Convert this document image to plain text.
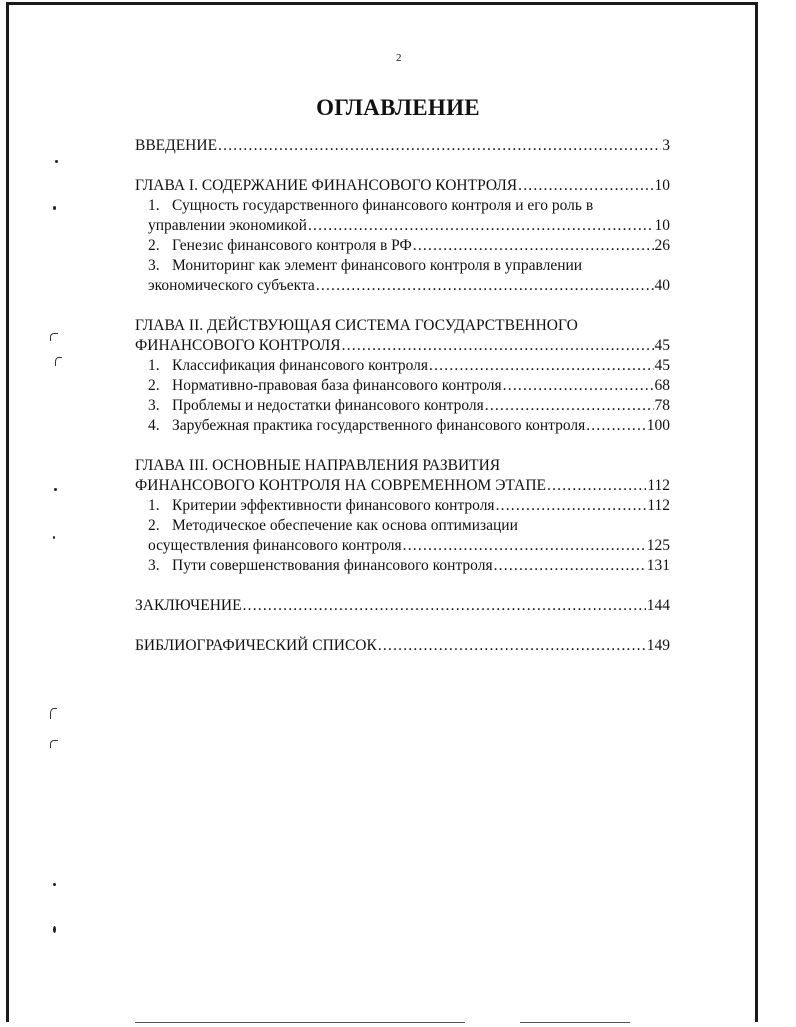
2
ОГЛАВЛЕНИЕ
ВВЕДЕНИЕ .....	3
ГЛАВА I. СОДЕРЖАНИЕ ФИНАНСОВОГО КОНТРОЛЯ .....	10
1. Сущность государственного финансового контроля и его роль в
управлении экономикой .....	10
2. Генезис финансового контроля в РФ .....	26
3. Мониторинг как элемент финансового контроля в управлении
экономического субъекта .....	40
ГЛАВА II. ДЕЙСТВУЮЩАЯ СИСТЕМА ГОСУДАРСТВЕННОГО
ФИНАНСОВОГО КОНТРОЛЯ .....	45
1. Классификация финансового контроля .....	45
2. Нормативно-правовая база финансового контроля .....	68
3. Проблемы и недостатки финансового контроля .....	78
4. Зарубежная практика государственного финансового контроля .....	100
ГЛАВА III. ОСНОВНЫЕ НАПРАВЛЕНИЯ РАЗВИТИЯ
ФИНАНСОВОГО КОНТРОЛЯ НА СОВРЕМЕННОМ ЭТАПЕ .....	112
1. Критерии эффективности финансового контроля .....	112
2. Методическое обеспечение как основа оптимизации
осуществления финансового контроля .....	125
3. Пути совершенствования финансового контроля .....	131
ЗАКЛЮЧЕНИЕ .....	144
БИБЛИОГРАФИЧЕСКИЙ СПИСОК .....	149
